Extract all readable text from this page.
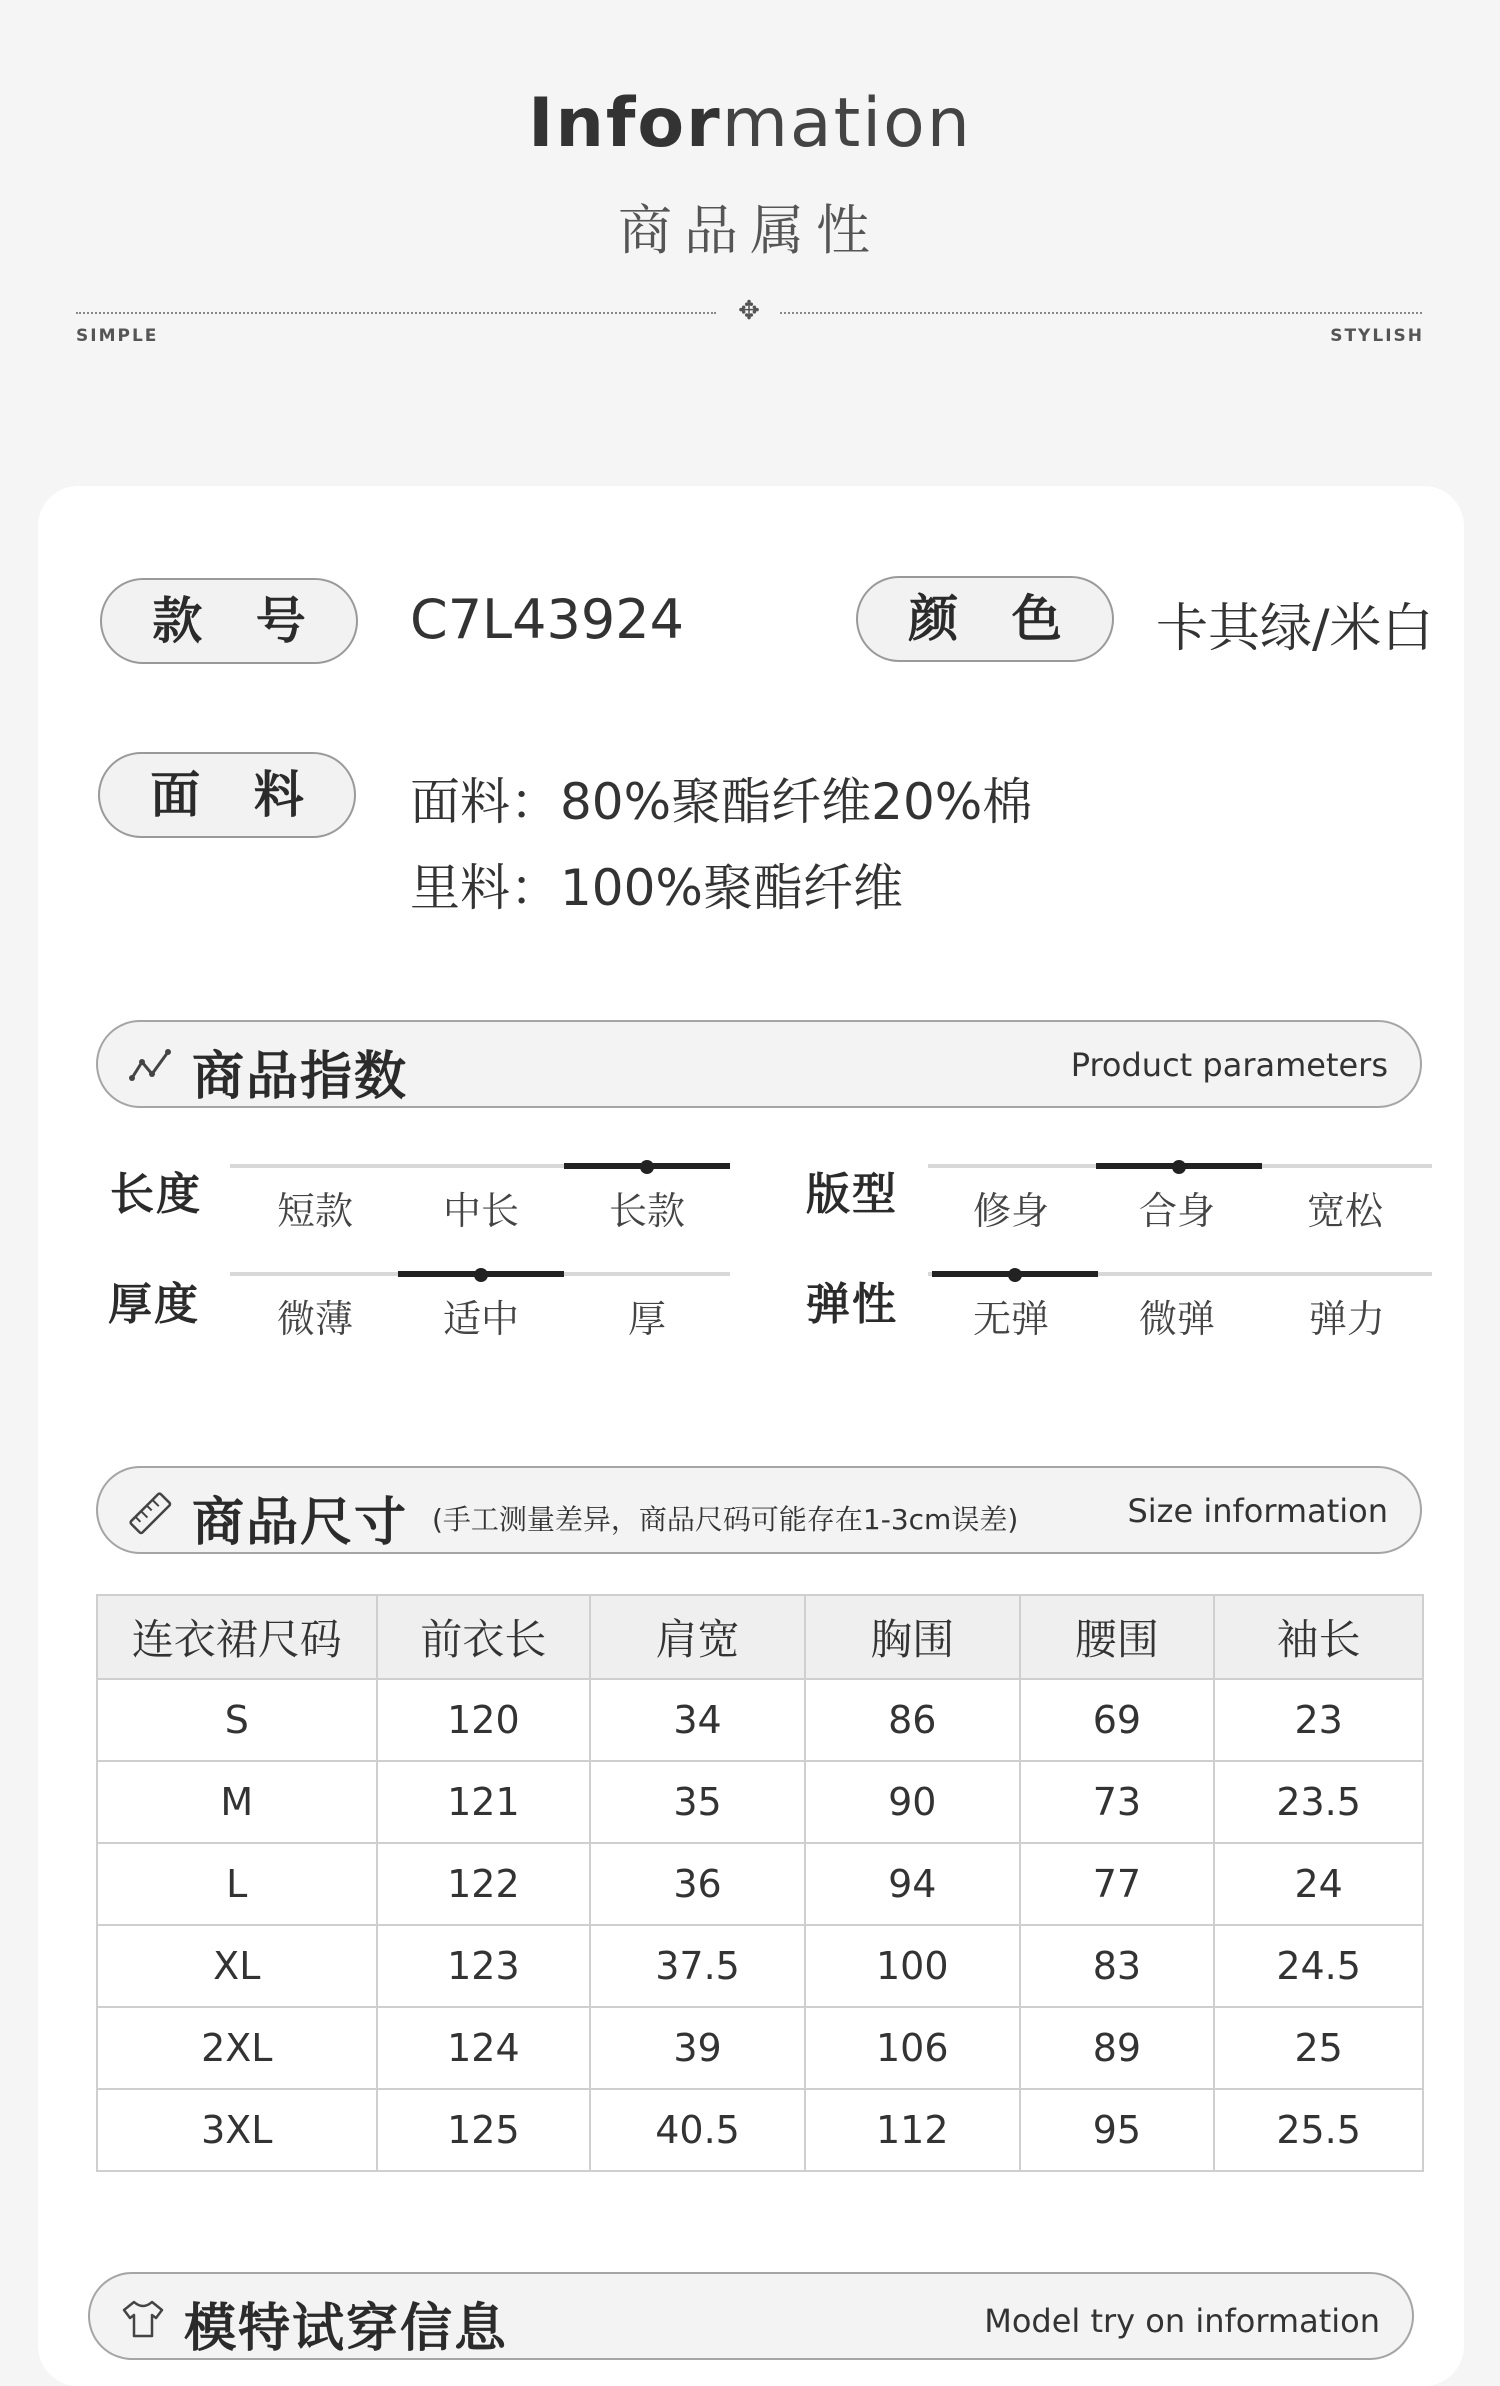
Information
商品属性
✥
SIMPLE	STYLISH
款 号	C7L43924	颜 色	卡其绿/米白
面 料	面料：80%聚酯纤维20%棉
里料：100%聚酯纤维
商品指数	Product parameters
长度	短款	中长	长款	版型	修身	合身	宽松
厚度	微薄	适中	厚	弹性	无弹	微弹	弹力
商品尺寸 (手工测量差异，商品尺码可能存在1-3cm误差)	Size information
连衣裙尺码	前衣长	肩宽	胸围	腰围	袖长
S	120	34	86	69	23
M	121	35	90	73	23.5
L	122	36	94	77	24
XL	123	37.5	100	83	24.5
2XL	124	39	106	89	25
3XL	125	40.5	112	95	25.5
模特试穿信息	Model try on information
